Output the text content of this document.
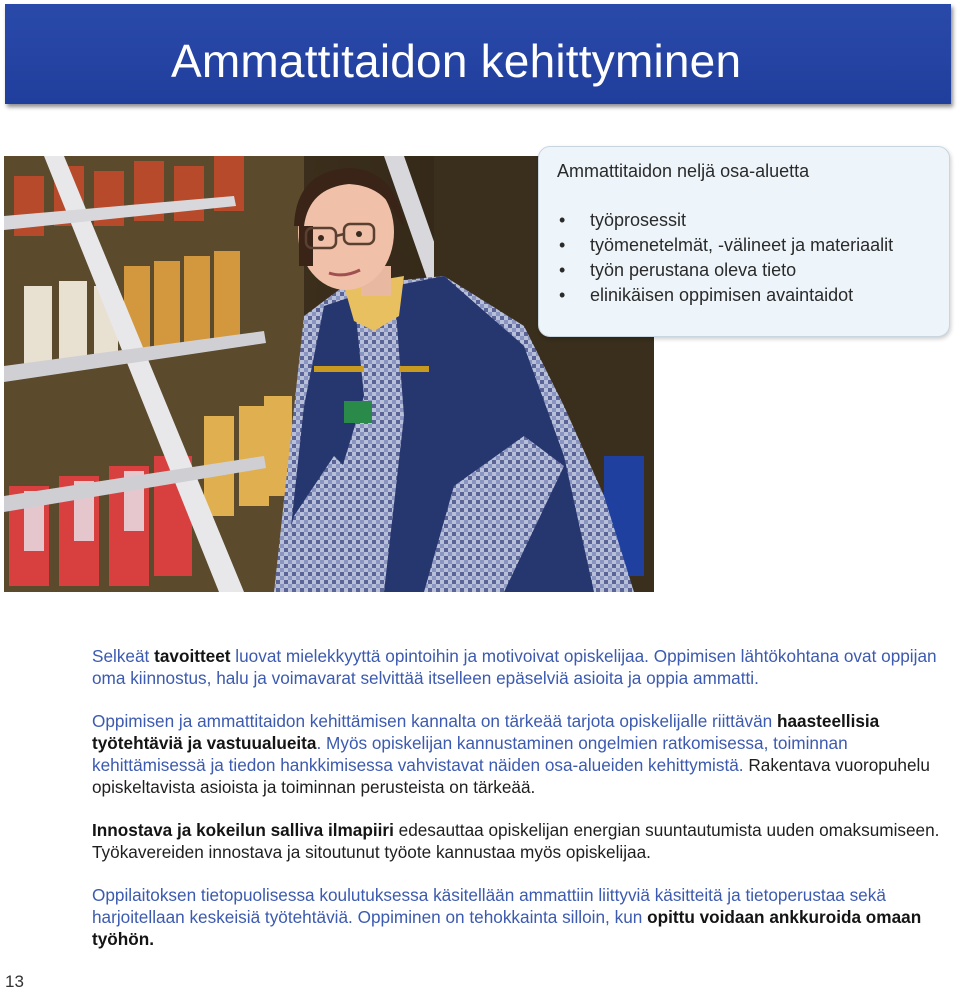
Ammattitaidon kehittyminen
Ammattitaidon neljä osa-aluetta
• työprosessit
• työmenetelmät, -välineet ja materiaalit
• työn perustana oleva tieto
• elinikäisen oppimisen avaintaidot

Selkeät tavoitteet luovat mielekkyyttä opintoihin ja motivoivat opiskelijaa. Oppimisen lähtökohtana ovat oppijan oma kiinnostus, halu ja voimavarat selvittää itselleen epäselviä asioita ja oppia ammatti.

Oppimisen ja ammattitaidon kehittämisen kannalta on tärkeää tarjota opiskelijalle riittävän haasteellisia työtehtäviä ja vastuualueita. Myös opiskelijan kannustaminen ongelmien ratkomisessa, toiminnan kehittämisessä ja tiedon hankkimisessa vahvistavat näiden osa-alueiden kehittymistä. Rakentava vuoropuhelu opiskeltavista asioista ja toiminnan perusteista on tärkeää.

Innostava ja kokeilun salliva ilmapiiri edesauttaa opiskelijan energian suuntautumista uuden omaksumiseen. Työkavereiden innostava ja sitoutunut työote kannustaa myös opiskelijaa.

Oppilaitoksen tietopuolisessa koulutuksessa käsitellään ammattiin liittyviä käsitteitä ja tietoperustaa sekä harjoitellaan keskeisiä työtehtäviä. Oppiminen on tehokkainta silloin, kun opittu voidaan ankkuroida omaan työhön.

13
